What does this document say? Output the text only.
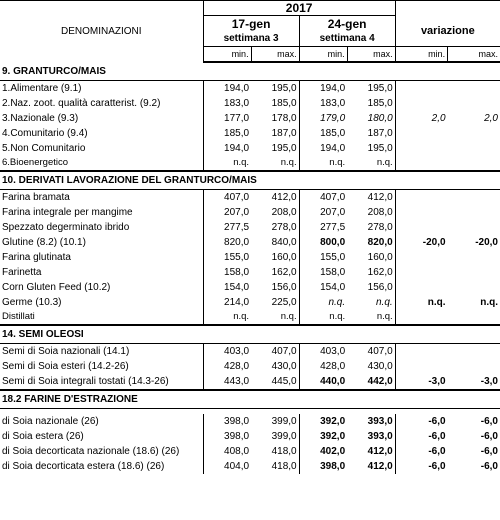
DENOMINAZIONI	2017					
	17-gen		24-gen		variazione	
	settimana 3		settimana 4			
	min.	max.	min.	max.	min.	max.
9. GRANTURCO/MAIS						
1.Alimentare (9.1)	194,0	195,0	194,0	195,0		
2.Naz. zoot. qualità caratterist. (9.2)	183,0	185,0	183,0	185,0		
3.Nazionale (9.3)	177,0	178,0	179,0	180,0	2,0	2,0
4.Comunitario (9.4)	185,0	187,0	185,0	187,0		
5.Non Comunitario	194,0	195,0	194,0	195,0		
6.Bioenergetico	n.q.	n.q.	n.q.	n.q.		
10. DERIVATI LAVORAZIONE DEL GRANTURCO/MAIS						
Farina bramata	407,0	412,0	407,0	412,0		
Farina integrale per mangime	207,0	208,0	207,0	208,0		
Spezzato degerminato ibrido	277,5	278,0	277,5	278,0		
Glutine (8.2) (10.1)	820,0	840,0	800,0	820,0	-20,0	-20,0
Farina glutinata	155,0	160,0	155,0	160,0		
Farinetta	158,0	162,0	158,0	162,0		
Corn Gluten Feed (10.2)	154,0	156,0	154,0	156,0		
Germe (10.3)	214,0	225,0	n.q.	n.q.	n.q.	n.q.
Distillati	n.q.	n.q.	n.q.	n.q.		
14. SEMI OLEOSI						
Semi di Soia nazionali (14.1)	403,0	407,0	403,0	407,0		
Semi di Soia esteri (14.2-26)	428,0	430,0	428,0	430,0		
Semi di Soia integrali tostati (14.3-26)	443,0	445,0	440,0	442,0	-3,0	-3,0
18.2 FARINE D'ESTRAZIONE						

di Soia nazionale (26)	398,0	399,0	392,0	393,0	-6,0	-6,0
di Soia estera (26)	398,0	399,0	392,0	393,0	-6,0	-6,0
di Soia decorticata nazionale (18.6) (26)	408,0	418,0	402,0	412,0	-6,0	-6,0
di Soia decorticata estera (18.6) (26)	404,0	418,0	398,0	412,0	-6,0	-6,0
